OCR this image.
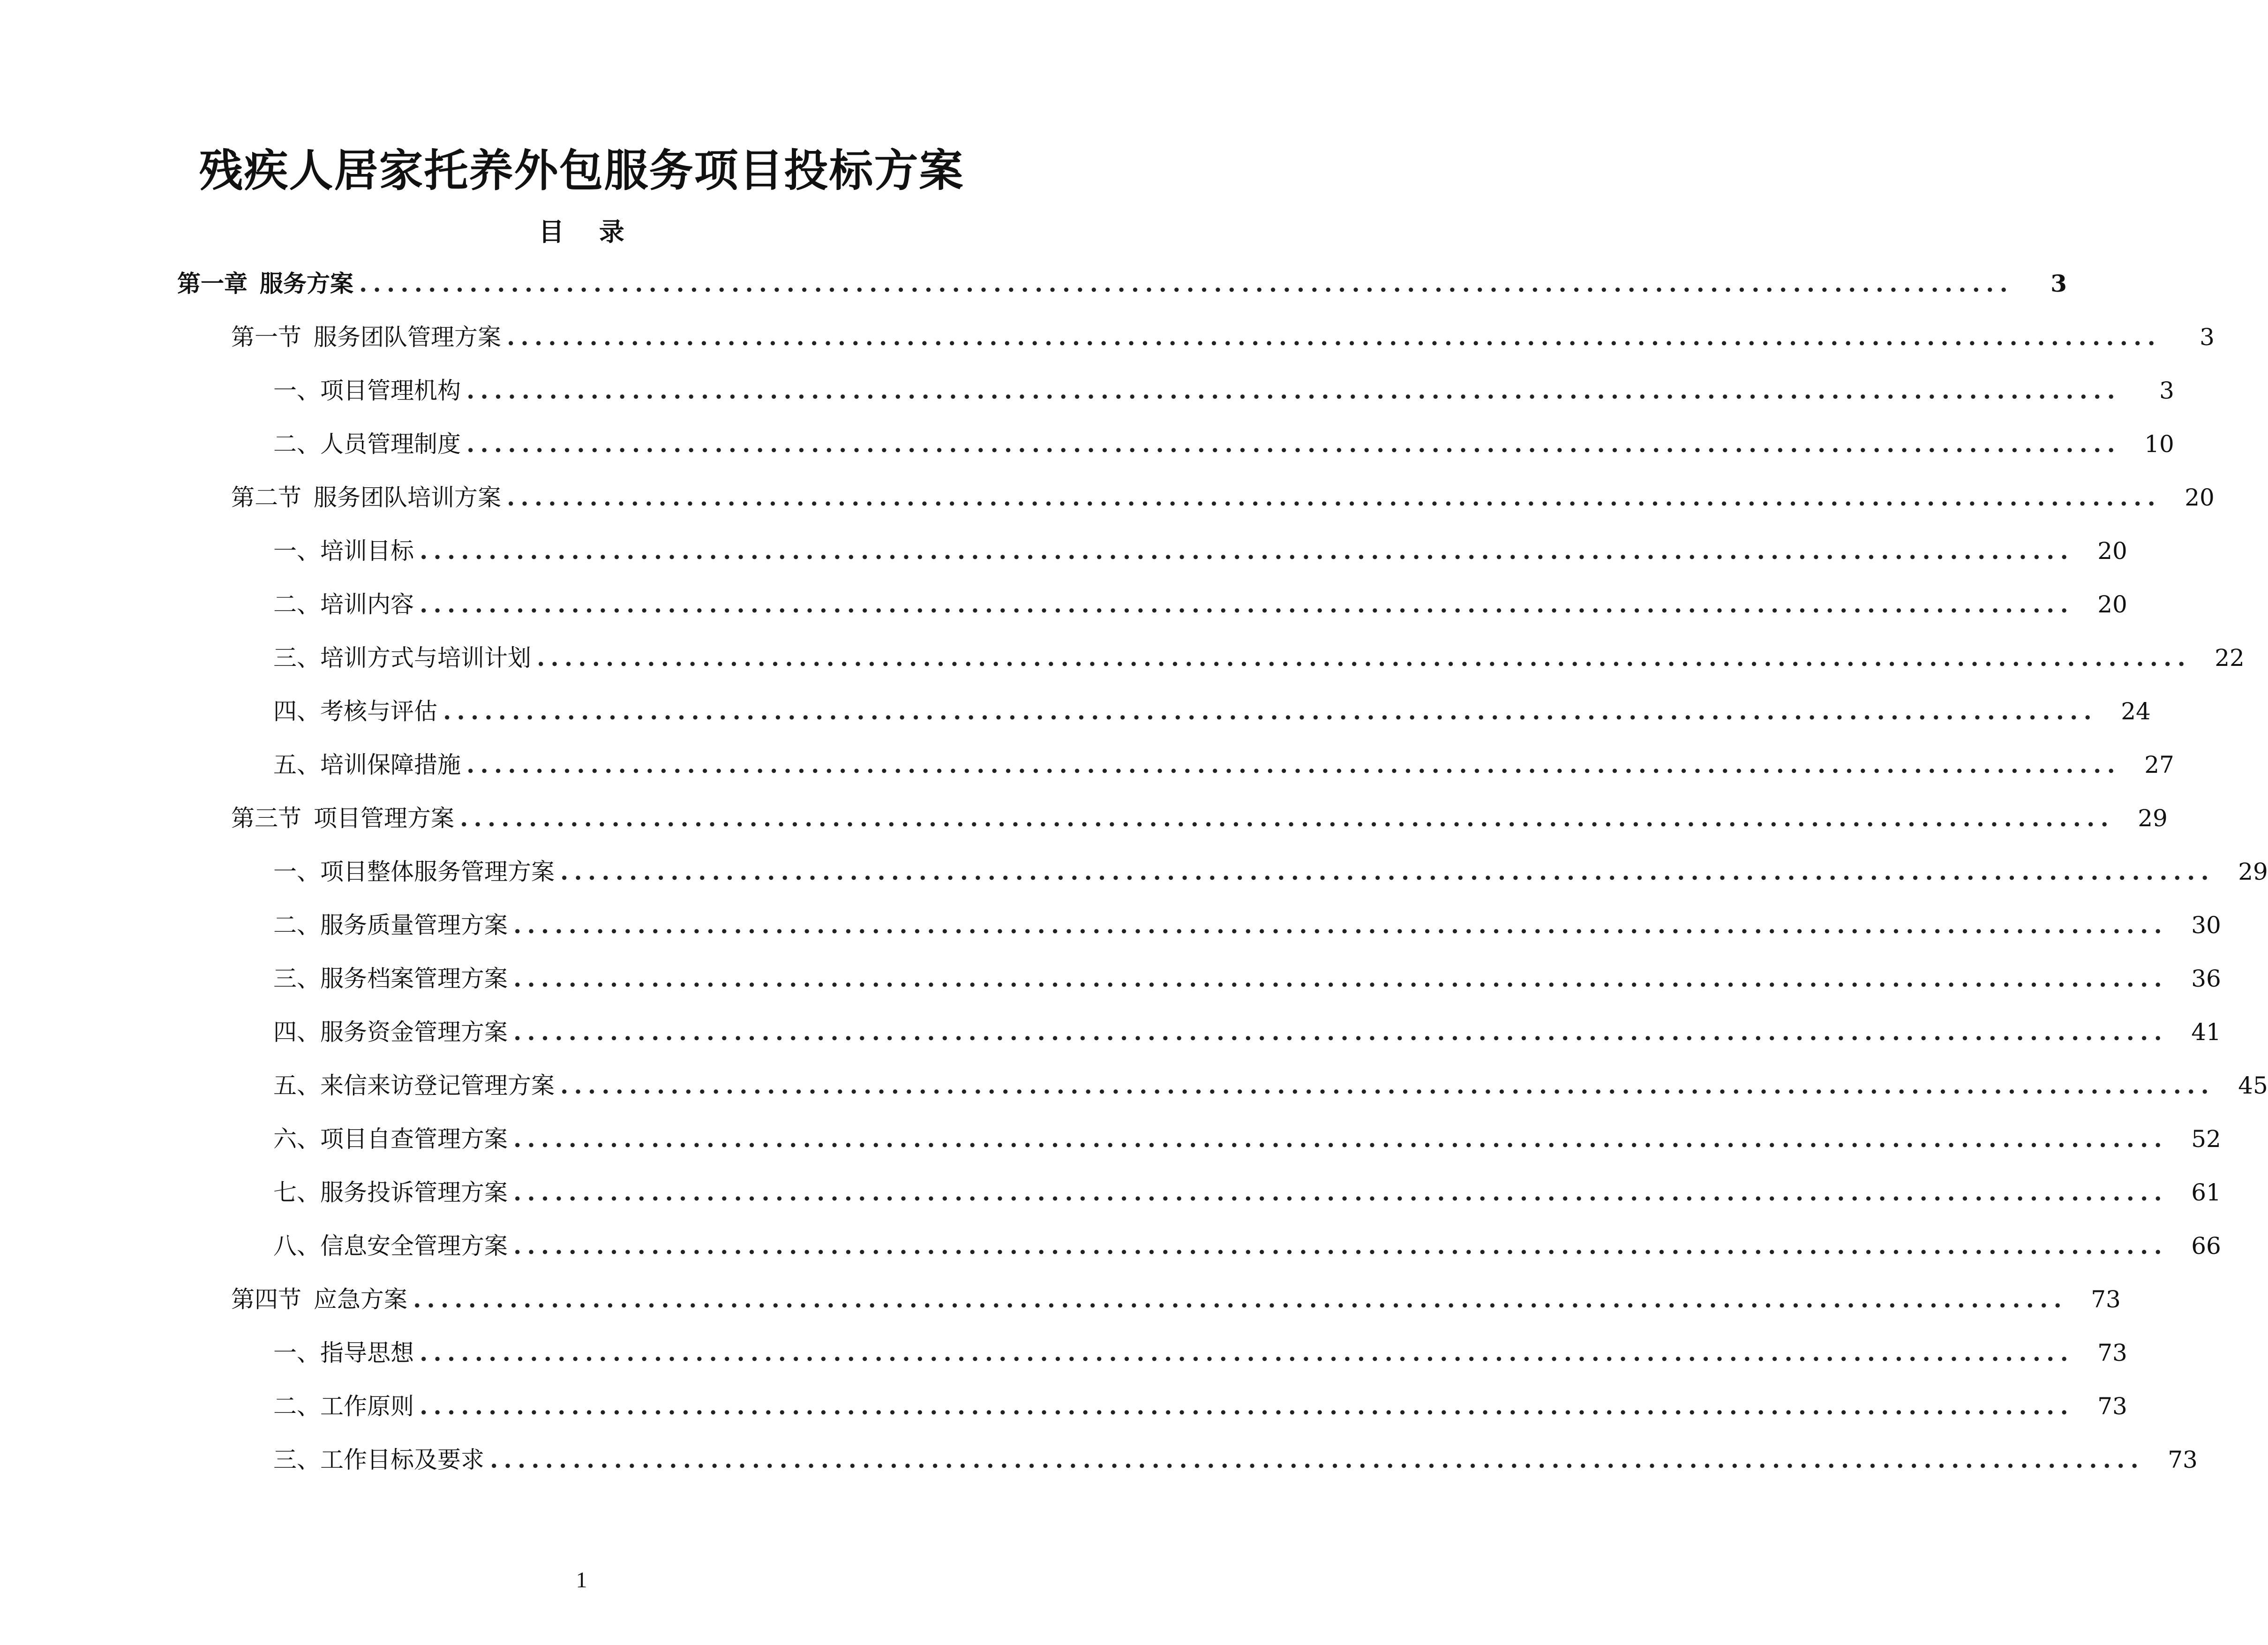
残疾人居家托养外包服务项目投标方案
目 录
第一章 服务方案 ........................................................................................................................	3
第一节 服务团队管理方案 ........................................................................................................................	3
一、 项目管理机构 ........................................................................................................................	3
二、 人员管理制度 ........................................................................................................................	10
第二节 服务团队培训方案 ........................................................................................................................	20
一、 培训目标 ........................................................................................................................	20
二、 培训内容 ........................................................................................................................	20
三、 培训方式与培训计划 ........................................................................................................................	22
四、 考核与评估 ........................................................................................................................	24
五、 培训保障措施 ........................................................................................................................	27
第三节 项目管理方案 ........................................................................................................................	29
一、 项目整体服务管理方案 ........................................................................................................................	29
二、 服务质量管理方案 ........................................................................................................................	30
三、 服务档案管理方案 ........................................................................................................................	36
四、 服务资金管理方案 ........................................................................................................................	41
五、 来信来访登记管理方案 ........................................................................................................................	45
六、 项目自查管理方案 ........................................................................................................................	52
七、 服务投诉管理方案 ........................................................................................................................	61
八、 信息安全管理方案 ........................................................................................................................	66
第四节 应急方案 ........................................................................................................................	73
一、 指导思想 ........................................................................................................................	73
二、 工作原则 ........................................................................................................................	73
三、 工作目标及要求 ........................................................................................................................	73
1
